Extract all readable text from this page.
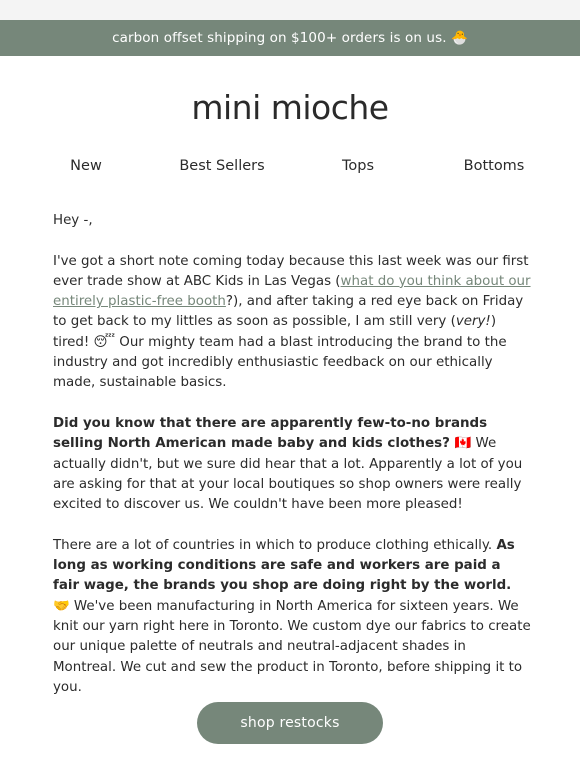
carbon offset shipping on $100+ orders is on us. 🐣
mini mioche
New	Best Sellers	Tops	Bottoms

Hey -,

I've got a short note coming today because this last week was our first ever trade show at ABC Kids in Las Vegas (what do you think about our entirely plastic-free booth?), and after taking a red eye back on Friday to get back to my littles as soon as possible, I am still very (very!) tired! 😴 Our mighty team had a blast introducing the brand to the industry and got incredibly enthusiastic feedback on our ethically made, sustainable basics.

Did you know that there are apparently few-to-no brands selling North American made baby and kids clothes? 🇨🇦 We actually didn't, but we sure did hear that a lot. Apparently a lot of you are asking for that at your local boutiques so shop owners were really excited to discover us. We couldn't have been more pleased!

There are a lot of countries in which to produce clothing ethically. As long as working conditions are safe and workers are paid a fair wage, the brands you shop are doing right by the world. 🤝 We've been manufacturing in North America for sixteen years. We knit our yarn right here in Toronto. We custom dye our fabrics to create our unique palette of neutrals and neutral-adjacent shades in Montreal. We cut and sew the product in Toronto, before shipping it to you.

shop restocks
